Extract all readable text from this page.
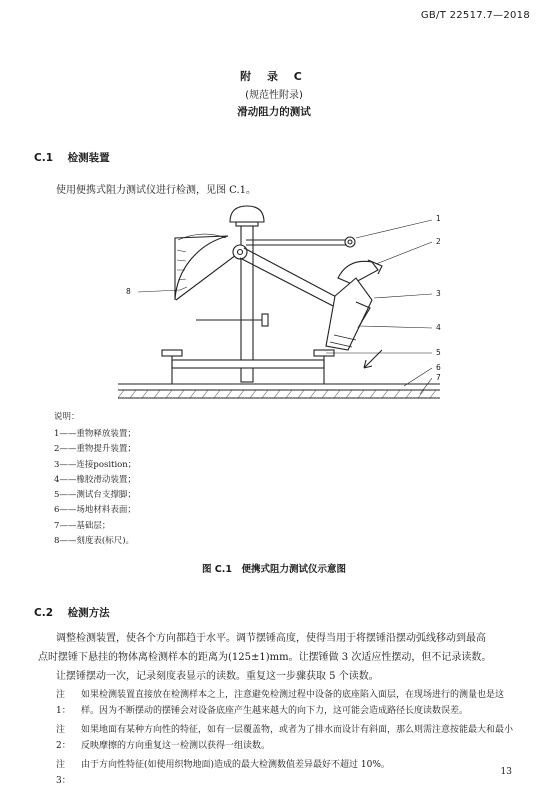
GB/T 22517.7—2018
附 录 C
(规范性附录)
滑动阻力的测试
C.1 检测装置
使用便携式阻力测试仪进行检测，见图 C.1。
1
2
3
4
5
6
7
8
说明：
1——重物释放装置；
2——重物提升装置；
3——连接position；
4——橡胶滑动装置；
5——测试台支撑脚；
6——场地材料表面；
7——基础层；
8——刻度表(标尺)。
图 C.1　便携式阻力测试仪示意图
C.2 检测方法
调整检测装置，使各个方向都趋于水平。调节摆锤高度，使得当用于将摆锤沿摆动弧线移动到最高
点时摆锤下悬挂的物体离检测样本的距离为(125±1)mm。让摆锤做 3 次适应性摆动，但不记录读数。
让摆锤摆动一次，记录刻度表显示的读数。重复这一步骤获取 5 个读数。
注 1：
如果检测装置直接放在检测样本之上，注意避免检测过程中设备的底座陷入面层，在现场进行的测量也是这
样。因为不断摆动的摆锤会对设备底座产生越来越大的向下力，这可能会造成路径长度读数误差。
注 2：
如果地面有某种方向性的特征，如有一层覆盖物，或者为了排水而设计有斜面，那么则需注意按能最大和最小
反映摩擦的方向重复这一检测以获得一组读数。
注 3：
由于方向性特征(如使用织物地面)造成的最大检测数值差异最好不超过 10%。
13
